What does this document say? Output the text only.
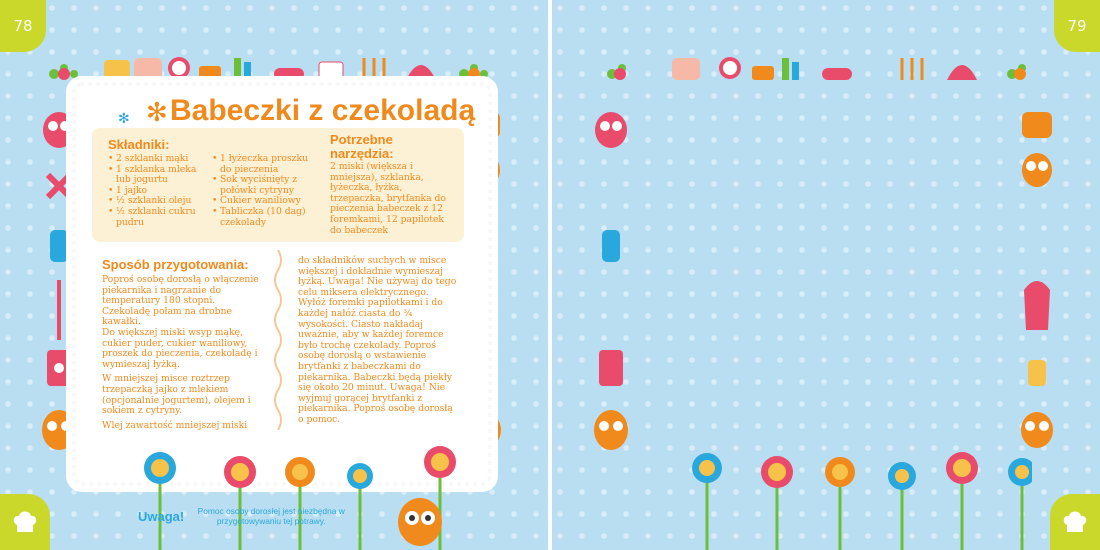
78
✻
✻ Babeczki z czekoladą
Składniki:
• 2 szklanki mąki
• 1 szklanka mleka lub jogurtu
• 1 jajko
• ½ szklanki oleju
• ½ szklanki cukru pudru
• 1 łyżeczka proszku do pieczenia
• Sok wyciśnięty z połówki cytryny
• Cukier waniliowy
• Tabliczka (10 dag) czekolady
Potrzebne narzędzia:

2 miski (większa i mniejsza), szklanka, łyżeczka, łyżka, trzepaczka, brytfanka do pieczenia babeczek z 12 foremkami, 12 papilotek do babeczek

Sposób przygotowania:

Poproś osobę dorosłą o włączenie piekarnika i nagrzanie do temperatury 180 stopni.

Czekoladę połam na drobne kawałki.

Do większej miski wsyp mąkę, cukier puder, cukier waniliowy, proszek do pieczenia, czekoladę i wymieszaj łyżką.

W mniejszej misce roztrzep trzepaczką jajko z mlekiem (opcjonalnie jogurtem), olejem i sokiem z cytryny.

Wlej zawartość mniejszej miski

do składników suchych w misce większej i dokładnie wymieszaj łyżką. Uwaga! Nie używaj do tego celu miksera elektrycznego. Wyłóż foremki papilotkami i do każdej nałóż ciasta do ¾ wysokości. Ciasto nakładaj uważnie, aby w każdej foremce było trochę czekolady. Poproś osobę dorosłą o wstawienie brytfanki z babeczkami do piekarnika. Babeczki będą piekły się około 20 minut. Uwaga! Nie wyjmuj gorącej brytfanki z piekarnika. Poproś osobę dorosłą o pomoc.

Uwaga!	Pomoc osoby dorosłej jest niezbędna w przygotowywaniu tej potrawy.
79
